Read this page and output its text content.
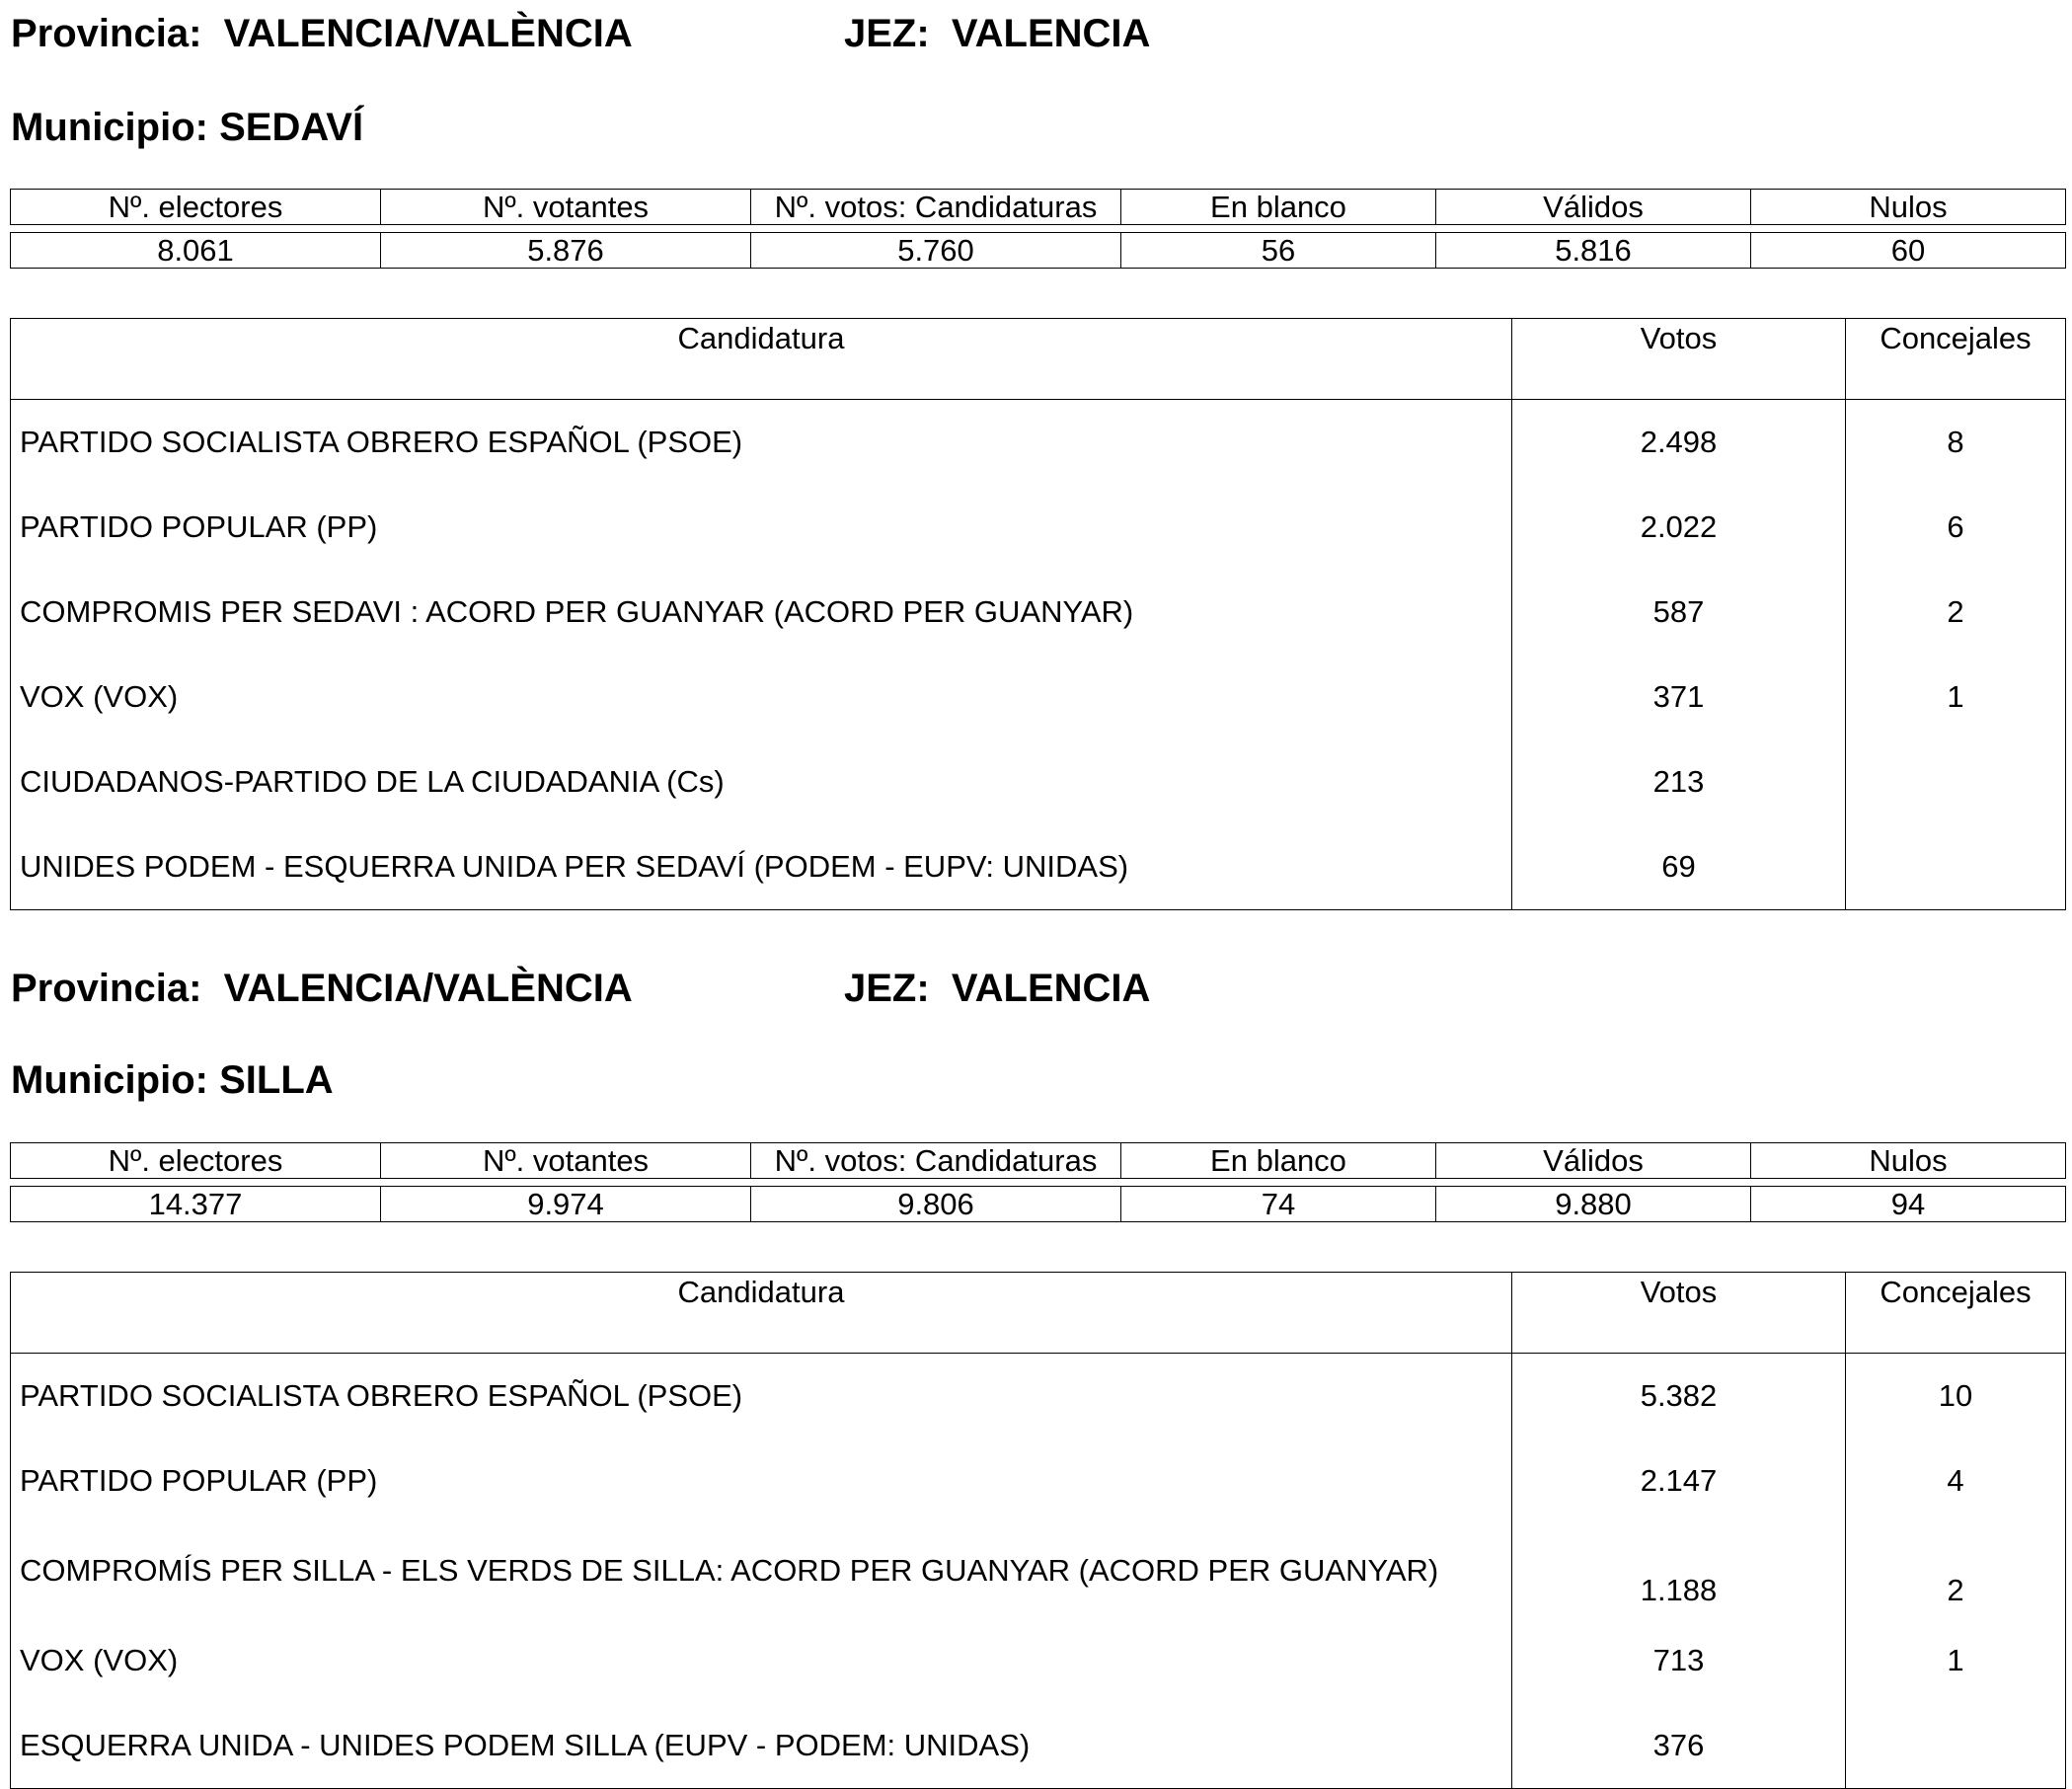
Provincia: VALENCIA/VALÈNCIA	JEZ: VALENCIA
Municipio: SEDAVÍ
Nº. electores	Nº. votantes	Nº. votos: Candidaturas	En blanco	Válidos	Nulos

8.061	5.876	5.760	56	5.816	60
Candidatura	Votos	Concejales
PARTIDO SOCIALISTA OBRERO ESPAÑOL (PSOE)	2.498	8
PARTIDO POPULAR (PP)	2.022	6
COMPROMIS PER SEDAVI : ACORD PER GUANYAR (ACORD PER GUANYAR)	587	2
VOX (VOX)	371	1
CIUDADANOS-PARTIDO DE LA CIUDADANIA (Cs)	213	
UNIDES PODEM - ESQUERRA UNIDA PER SEDAVÍ (PODEM - EUPV: UNIDAS)	69	
Provincia: VALENCIA/VALÈNCIA	JEZ: VALENCIA
Municipio: SILLA
Nº. electores	Nº. votantes	Nº. votos: Candidaturas	En blanco	Válidos	Nulos

14.377	9.974	9.806	74	9.880	94
Candidatura	Votos	Concejales
PARTIDO SOCIALISTA OBRERO ESPAÑOL (PSOE)	5.382	10
PARTIDO POPULAR (PP)	2.147	4
COMPROMÍS PER SILLA - ELS VERDS DE SILLA: ACORD PER GUANYAR (ACORD PER GUANYAR)	1.188	2
VOX (VOX)	713	1
ESQUERRA UNIDA - UNIDES PODEM SILLA (EUPV - PODEM: UNIDAS)	376	
